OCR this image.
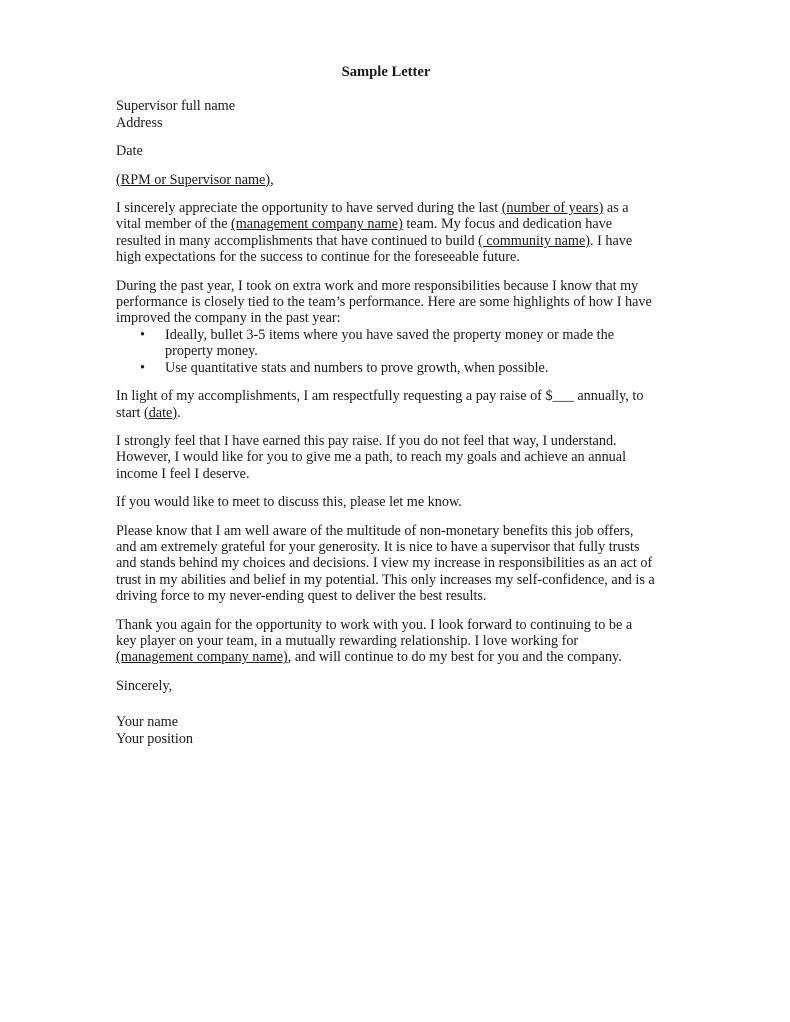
Sample Letter

Supervisor full name

Address

Date

(RPM or Supervisor name),

I sincerely appreciate the opportunity to have served during the last (number of years) as a vital member of the (management company name) team. My focus and dedication have resulted in many accomplishments that have continued to build ( community name). I have high expectations for the success to continue for the foreseeable future.

During the past year, I took on extra work and more responsibilities because I know that my performance is closely tied to the team’s performance. Here are some highlights of how I have improved the company in the past year:

• Ideally, bullet 3-5 items where you have saved the property money or made the property money.
• Use quantitative stats and numbers to prove growth, when possible.

In light of my accomplishments, I am respectfully requesting a pay raise of $___ annually, to start (date).

I strongly feel that I have earned this pay raise. If you do not feel that way, I understand. However, I would like for you to give me a path, to reach my goals and achieve an annual income I feel I deserve.

If you would like to meet to discuss this, please let me know.

Please know that I am well aware of the multitude of non-monetary benefits this job offers, and am extremely grateful for your generosity. It is nice to have a supervisor that fully trusts and stands behind my choices and decisions. I view my increase in responsibilities as an act of trust in my abilities and belief in my potential. This only increases my self-confidence, and is a driving force to my never-ending quest to deliver the best results.

Thank you again for the opportunity to work with you. I look forward to continuing to be a key player on your team, in a mutually rewarding relationship. I love working for (management company name), and will continue to do my best for you and the company.

Sincerely,

Your name

Your position
